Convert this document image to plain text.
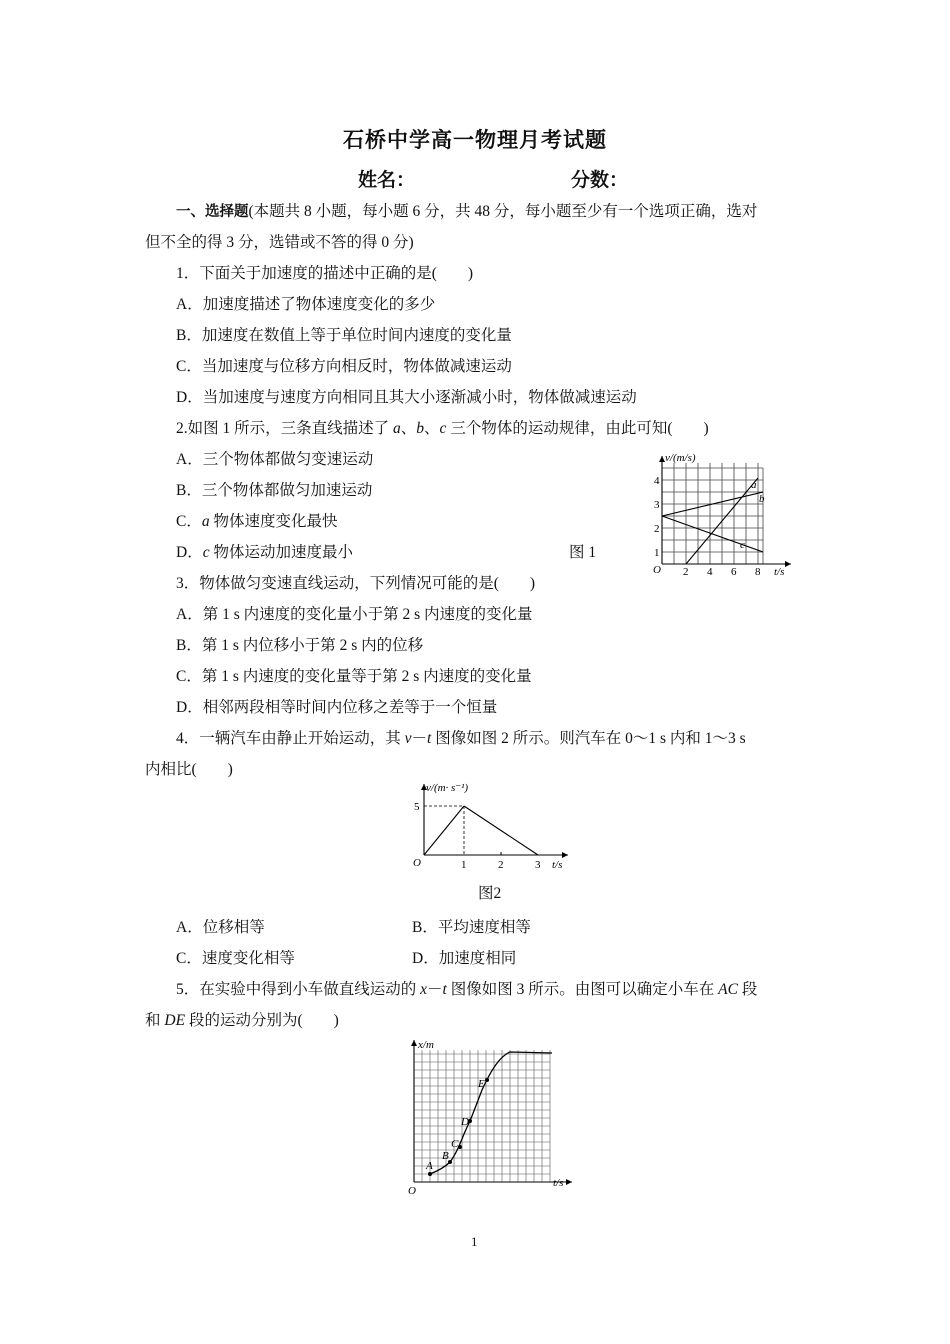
石桥中学高一物理月考试题
姓名：	分数：
一、选择题(本题共 8 小题，每小题 6 分，共 48 分，每小题至少有一个选项正确，选对
但不全的得 3 分，选错或不答的得 0 分)
1．下面关于加速度的描述中正确的是(　　)
A．加速度描述了物体速度变化的多少
B．加速度在数值上等于单位时间内速度的变化量
C．当加速度与位移方向相反时，物体做减速运动
D．当加速度与速度方向相同且其大小逐渐减小时，物体做减速运动
2.如图 1 所示，三条直线描述了 a、b、c 三个物体的运动规律，由此可知(　　)
A．三个物体都做匀变速运动
B．三个物体都做匀加速运动
C．a 物体速度变化最快
D．c 物体运动加速度最小	图 1
v/(m/s)
O
1
2
3
4
2 4 6 8 t/s
a
b
c
3．物体做匀变速直线运动，下列情况可能的是(　　)
A．第 1 s 内速度的变化量小于第 2 s 内速度的变化量
B．第 1 s 内位移小于第 2 s 内的位移
C．第 1 s 内速度的变化量等于第 2 s 内速度的变化量
D．相邻两段相等时间内位移之差等于一个恒量
4．一辆汽车由静止开始运动，其 v－t 图像如图 2 所示。则汽车在 0～1 s 内和 1～3 s
内相比(　　)
v/(m· s⁻¹)
5
O	1	2	3 t/s
图2
A．位移相等	B．平均速度相等
C．速度变化相等	D．加速度相同
5．在实验中得到小车做直线运动的 x－t 图像如图 3 所示。由图可以确定小车在 AC 段
和 DE 段的运动分别为(　　)
x/m
O
t/s
A
B
C
D
E
1
